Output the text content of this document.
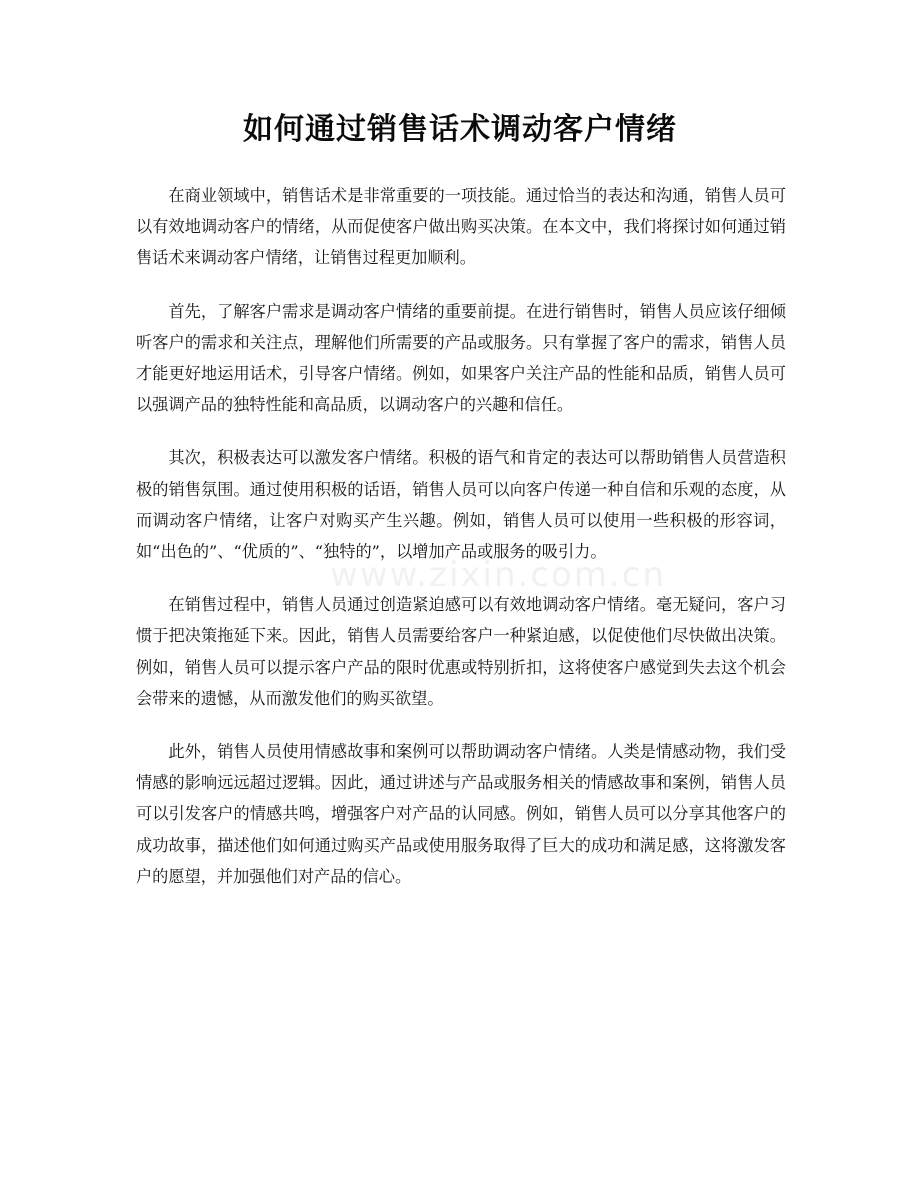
如何通过销售话术调动客户情绪
www.zixin.com.cn

在商业领域中，销售话术是非常重要的一项技能。通过恰当的表达和沟通，销售人员可以有效地调动客户的情绪，从而促使客户做出购买决策。在本文中，我们将探讨如何通过销售话术来调动客户情绪，让销售过程更加顺利。

首先，了解客户需求是调动客户情绪的重要前提。在进行销售时，销售人员应该仔细倾听客户的需求和关注点，理解他们所需要的产品或服务。只有掌握了客户的需求，销售人员才能更好地运用话术，引导客户情绪。例如，如果客户关注产品的性能和品质，销售人员可以强调产品的独特性能和高品质，以调动客户的兴趣和信任。

其次，积极表达可以激发客户情绪。积极的语气和肯定的表达可以帮助销售人员营造积极的销售氛围。通过使用积极的话语，销售人员可以向客户传递一种自信和乐观的态度，从而调动客户情绪，让客户对购买产生兴趣。例如，销售人员可以使用一些积极的形容词，如“出色的”、“优质的”、“独特的”，以增加产品或服务的吸引力。

在销售过程中，销售人员通过创造紧迫感可以有效地调动客户情绪。毫无疑问，客户习惯于把决策拖延下来。因此，销售人员需要给客户一种紧迫感，以促使他们尽快做出决策。例如，销售人员可以提示客户产品的限时优惠或特别折扣，这将使客户感觉到失去这个机会会带来的遗憾，从而激发他们的购买欲望。

此外，销售人员使用情感故事和案例可以帮助调动客户情绪。人类是情感动物，我们受情感的影响远远超过逻辑。因此，通过讲述与产品或服务相关的情感故事和案例，销售人员可以引发客户的情感共鸣，增强客户对产品的认同感。例如，销售人员可以分享其他客户的成功故事，描述他们如何通过购买产品或使用服务取得了巨大的成功和满足感，这将激发客户的愿望，并加强他们对产品的信心。
